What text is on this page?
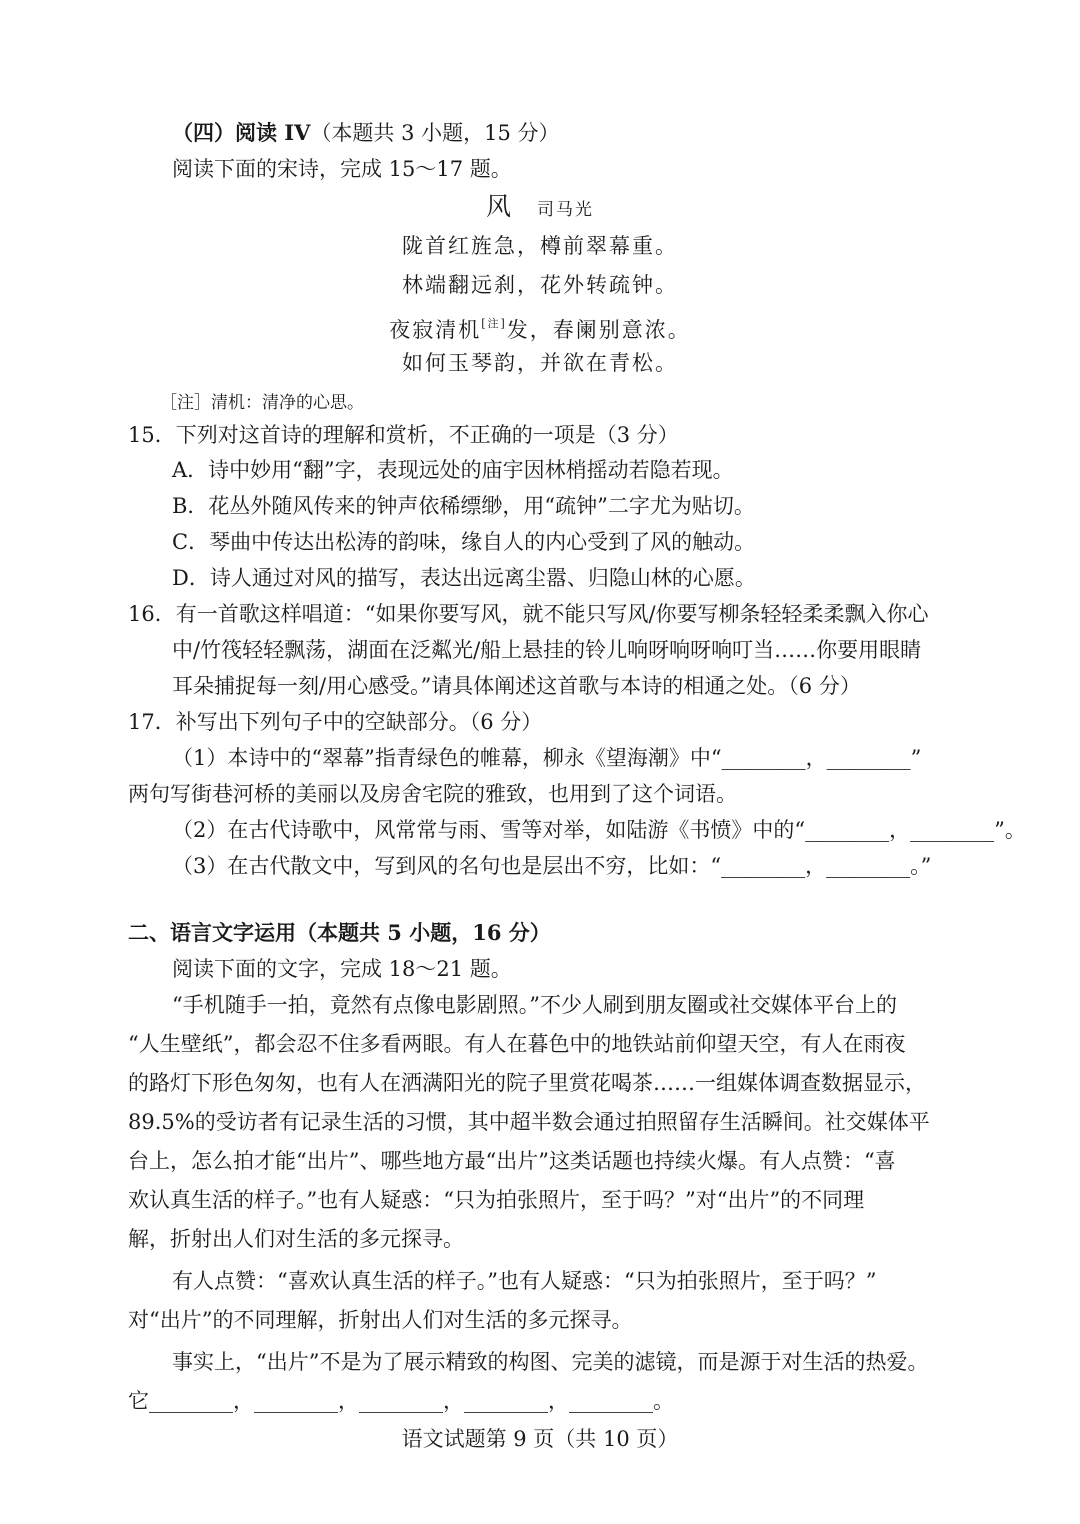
（四）阅读 IV（本题共 3 小题，15 分）
阅读下面的宋诗，完成 15～17 题。
风 司马光
陇首红旌急，樽前翠幕重。
林端翻远刹，花外转疏钟。
夜寂清机[注]发，春阑别意浓。
如何玉琴韵，并欲在青松。
［注］清机：清净的心思。
15．下列对这首诗的理解和赏析，不正确的一项是（3 分）
A．诗中妙用“翻”字，表现远处的庙宇因林梢摇动若隐若现。
B．花丛外随风传来的钟声依稀缥缈，用“疏钟”二字尤为贴切。
C．琴曲中传达出松涛的韵味，缘自人的内心受到了风的触动。
D．诗人通过对风的描写，表达出远离尘嚣、归隐山林的心愿。
16．有一首歌这样唱道：“如果你要写风，就不能只写风/你要写柳条轻轻柔柔飘入你心
中/竹筏轻轻飘荡，湖面在泛粼光/船上悬挂的铃儿响呀响呀响叮当……你要用眼睛
耳朵捕捉每一刻/用心感受。”请具体阐述这首歌与本诗的相通之处。（6 分）
17．补写出下列句子中的空缺部分。（6 分）
（1）本诗中的“翠幕”指青绿色的帷幕，柳永《望海潮》中“________，________”
两句写街巷河桥的美丽以及房舍宅院的雅致，也用到了这个词语。
（2）在古代诗歌中，风常常与雨、雪等对举，如陆游《书愤》中的“________，________”。
（3）在古代散文中，写到风的名句也是层出不穷，比如：“________，________。”
二、语言文字运用（本题共 5 小题，16 分）
阅读下面的文字，完成 18～21 题。
“手机随手一拍，竟然有点像电影剧照。”不少人刷到朋友圈或社交媒体平台上的
“人生壁纸”，都会忍不住多看两眼。有人在暮色中的地铁站前仰望天空，有人在雨夜
的路灯下形色匆匆，也有人在洒满阳光的院子里赏花喝茶……一组媒体调查数据显示，
89.5%的受访者有记录生活的习惯，其中超半数会通过拍照留存生活瞬间。社交媒体平
台上，怎么拍才能“出片”、哪些地方最“出片”这类话题也持续火爆。有人点赞：“喜
欢认真生活的样子。”也有人疑惑：“只为拍张照片，至于吗？”对“出片”的不同理
解，折射出人们对生活的多元探寻。
有人点赞：“喜欢认真生活的样子。”也有人疑惑：“只为拍张照片，至于吗？”
对“出片”的不同理解，折射出人们对生活的多元探寻。
事实上，“出片”不是为了展示精致的构图、完美的滤镜，而是源于对生活的热爱。
它________，________，________，________，________。
语文试题第 9 页（共 10 页）
